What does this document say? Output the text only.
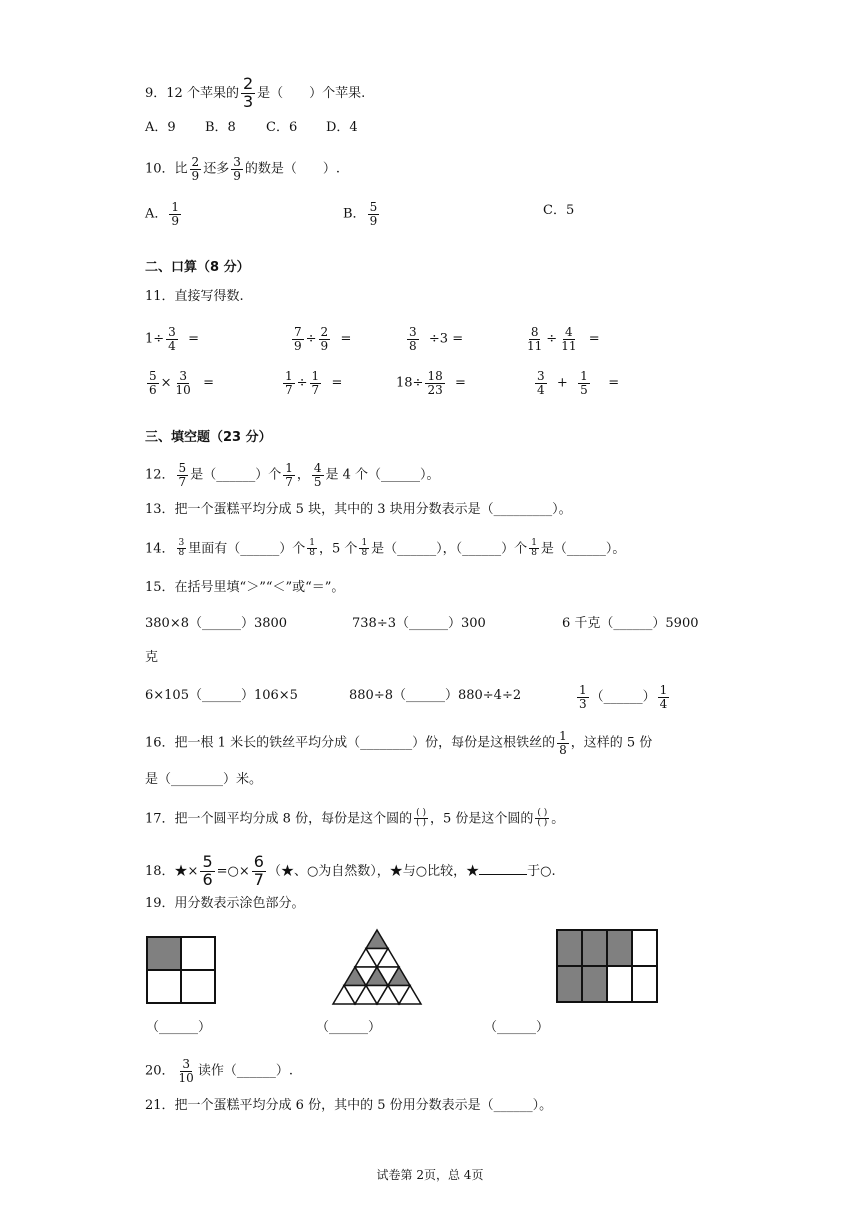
9．12 个苹果的 $\frac{2}{3}$ 是（　　）个苹果.
A．9 B．8 C．6 D．4
10．比 $\frac{2}{9}$ 还多 $\frac{3}{9}$ 的数是（　　）.
A． $\frac{1}{9}$	B． $\frac{5}{9}$	C．5
二、口算（8 分）
11．直接写得数.
$1\div \frac{3}{4}$ =	$\frac{7}{9} \div \frac{2}{9}$ =	$\frac{3}{8} \div 3$ =	$\frac{8}{11} \div \frac{4}{11}$ =
$\frac{5}{6} \times \frac{3}{10}$ =	$\frac{1}{7} \div \frac{1}{7}$ =	$18\div \frac{18}{23}$ =	$\frac{3}{4} + \frac{1}{5}$ =
三、填空题（23 分）
12． $\frac{5}{7}$ 是（______）个 $\frac{1}{7}$ ， $\frac{4}{5}$ 是 4 个（______）。
13．把一个蛋糕平均分成 5 块，其中的 3 块用分数表示是（_________）。
14． $\frac{3}{8}$ 里面有（______）个 $\frac{1}{8}$ ，5 个 $\frac{1}{8}$ 是（______），（______）个 $\frac{1}{8}$ 是（______）。
15．在括号里填“＞”“＜”或“＝”。
380×8（______）3800	738÷3（______）300	6 千克（______）5900
克
6×105（______）106×5	880÷8（______）880÷4÷2	$\frac{1}{3}$ （______） $\frac{1}{4}$
16．把一根 1 米长的铁丝平均分成（________）份，每份是这根铁丝的 $\frac{1}{8}$ ，这样的 5 份
是（________）米。
17．把一个圆平均分成 8 份，每份是这个圆的 $\frac{( )}{( )}$ ，5 份是这个圆的 $\frac{( )}{( )}$ 。
18．★× $\frac{5}{6}$ =○× $\frac{6}{7}$ （★、○为自然数），★与○比较，★	于○.
19．用分数表示涂色部分。
（______）	（______）	（______）
20． $\frac{3}{10}$ 读作（______）.
21．把一个蛋糕平均分成 6 份，其中的 5 份用分数表示是（______）。
试卷第 2页，总 4页
